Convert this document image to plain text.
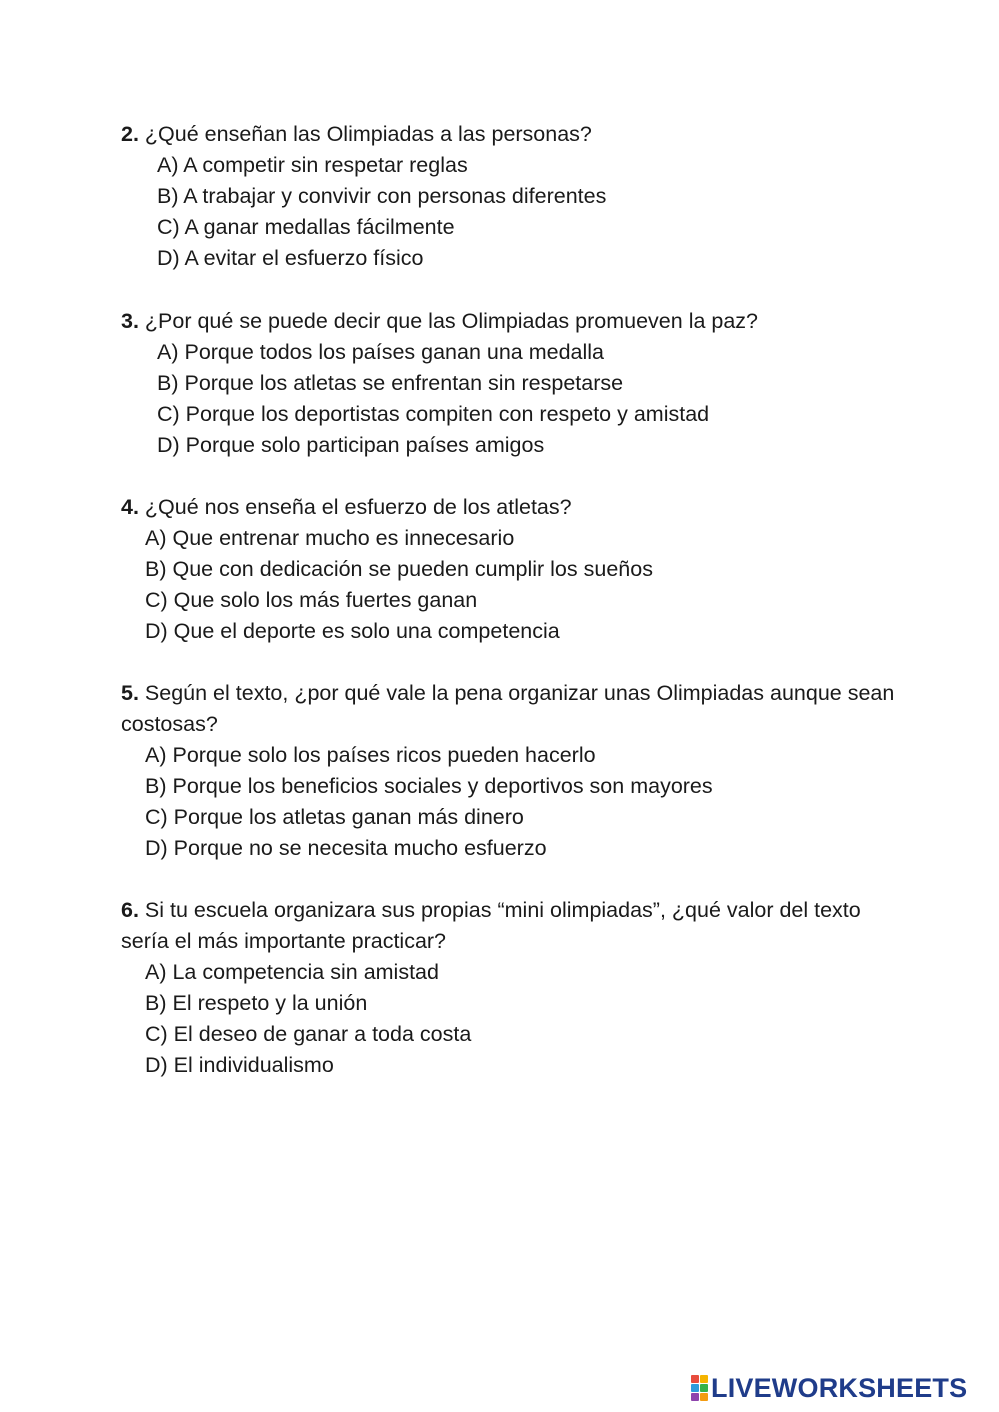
2. ¿Qué enseñan las Olimpiadas a las personas?

A) A competir sin respetar reglas
B) A trabajar y convivir con personas diferentes
C) A ganar medallas fácilmente
D) A evitar el esfuerzo físico

3. ¿Por qué se puede decir que las Olimpiadas promueven la paz?

A) Porque todos los países ganan una medalla
B) Porque los atletas se enfrentan sin respetarse
C) Porque los deportistas compiten con respeto y amistad
D) Porque solo participan países amigos

4. ¿Qué nos enseña el esfuerzo de los atletas?

A) Que entrenar mucho es innecesario
B) Que con dedicación se pueden cumplir los sueños
C) Que solo los más fuertes ganan
D) Que el deporte es solo una competencia

5. Según el texto, ¿por qué vale la pena organizar unas Olimpiadas aunque sean costosas?

A) Porque solo los países ricos pueden hacerlo
B) Porque los beneficios sociales y deportivos son mayores
C) Porque los atletas ganan más dinero
D) Porque no se necesita mucho esfuerzo

6. Si tu escuela organizara sus propias “mini olimpiadas”, ¿qué valor del texto sería el más importante practicar?

A) La competencia sin amistad
B) El respeto y la unión
C) El deseo de ganar a toda costa
D) El individualismo
LIVEWORKSHEETS
